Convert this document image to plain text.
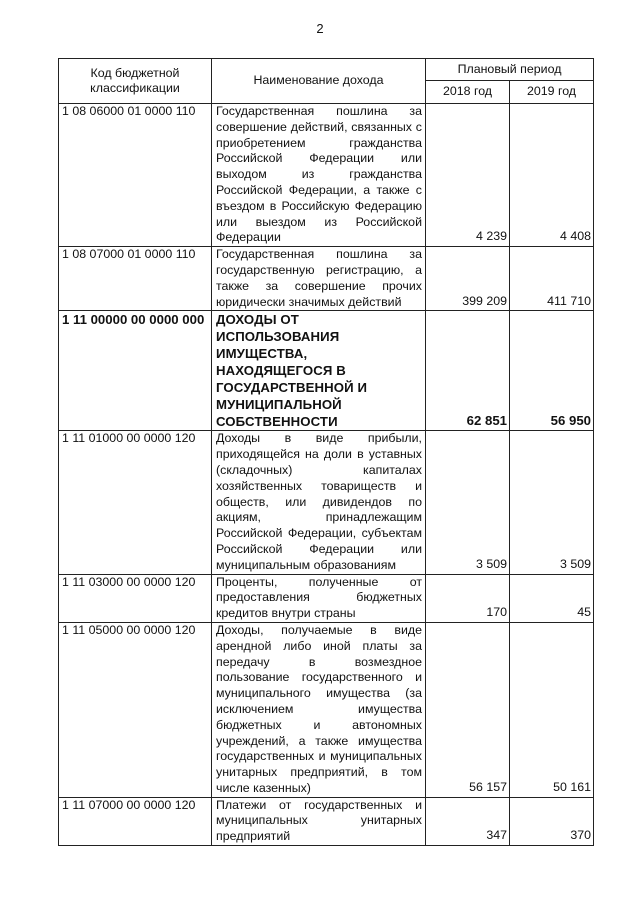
2
Код бюджетной классификации	Наименование дохода	Плановый период	
		2018 год	2019 год
1 08 06000 01 0000 110	Государственная пошлина за совершение действий, связанных с приобретением гражданства Российской Федерации или выходом из гражданства Российской Федерации, а также с въездом в Российскую Федерацию или выездом из Российской Федерации	4 239	4 408
1 08 07000 01 0000 110	Государственная пошлина за государственную регистрацию, а также за совершение прочих юридически значимых действий	399 209	411 710
1 11 00000 00 0000 000	ДОХОДЫ ОТ ИСПОЛЬЗОВАНИЯ ИМУЩЕСТВА, НАХОДЯЩЕГОСЯ В ГОСУДАРСТВЕННОЙ И МУНИЦИПАЛЬНОЙ СОБСТВЕННОСТИ	62 851	56 950
1 11 01000 00 0000 120	Доходы в виде прибыли, приходящейся на доли в уставных (складочных) капиталах хозяйственных товариществ и обществ, или дивидендов по акциям, принадлежащим Российской Федерации, субъектам Российской Федерации или муниципальным образованиям	3 509	3 509
1 11 03000 00 0000 120	Проценты, полученные от предоставления бюджетных кредитов внутри страны	170	45
1 11 05000 00 0000 120	Доходы, получаемые в виде арендной либо иной платы за передачу в возмездное пользование государственного и муниципального имущества (за исключением имущества бюджетных и автономных учреждений, а также имущества государственных и муниципальных унитарных предприятий, в том числе казенных)	56 157	50 161
1 11 07000 00 0000 120	Платежи от государственных и муниципальных унитарных предприятий	347	370
